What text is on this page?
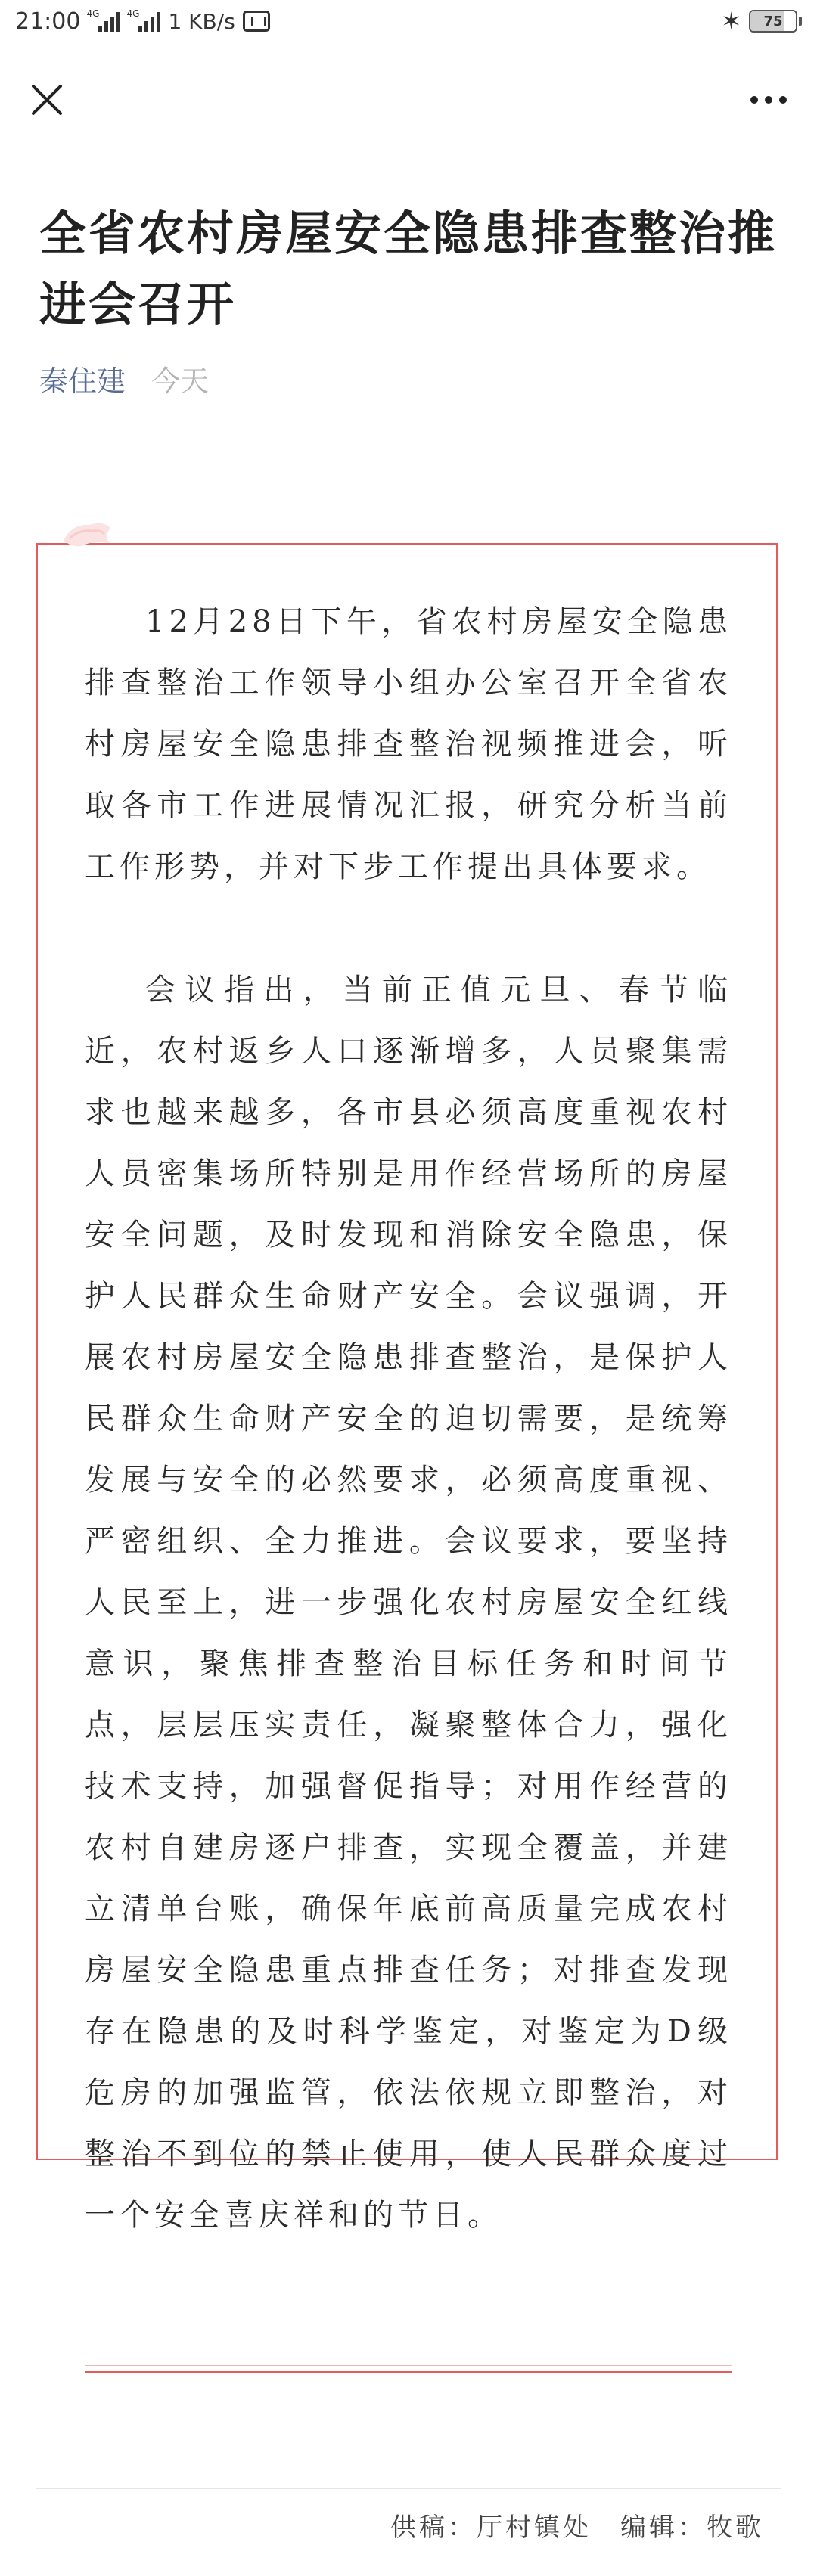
21:00 4G	4G 1 KB/s	✶ 75
全省农村房屋安全隐患排查整治推进会召开
秦住建 今天

12月28日下午，省农村房屋安全隐患排查整治工作领导小组办公室召开全省农村房屋安全隐患排查整治视频推进会，听取各市工作进展情况汇报，研究分析当前工作形势，并对下步工作提出具体要求。

会议指出，当前正值元旦、春节临近，农村返乡人口逐渐增多，人员聚集需求也越来越多，各市县必须高度重视农村人员密集场所特别是用作经营场所的房屋安全问题，及时发现和消除安全隐患，保护人民群众生命财产安全。会议强调，开展农村房屋安全隐患排查整治，是保护人民群众生命财产安全的迫切需要，是统筹发展与安全的必然要求，必须高度重视、严密组织、全力推进。会议要求，要坚持人民至上，进一步强化农村房屋安全红线意识，聚焦排查整治目标任务和时间节点，层层压实责任，凝聚整体合力，强化技术支持，加强督促指导；对用作经营的农村自建房逐户排查，实现全覆盖，并建立清单台账，确保年底前高质量完成农村房屋安全隐患重点排查任务；对排查发现存在隐患的及时科学鉴定，对鉴定为D级危房的加强监管，依法依规立即整治，对整治不到位的禁止使用，使人民群众度过一个安全喜庆祥和的节日。

供稿：厅村镇处　编辑：牧歌
